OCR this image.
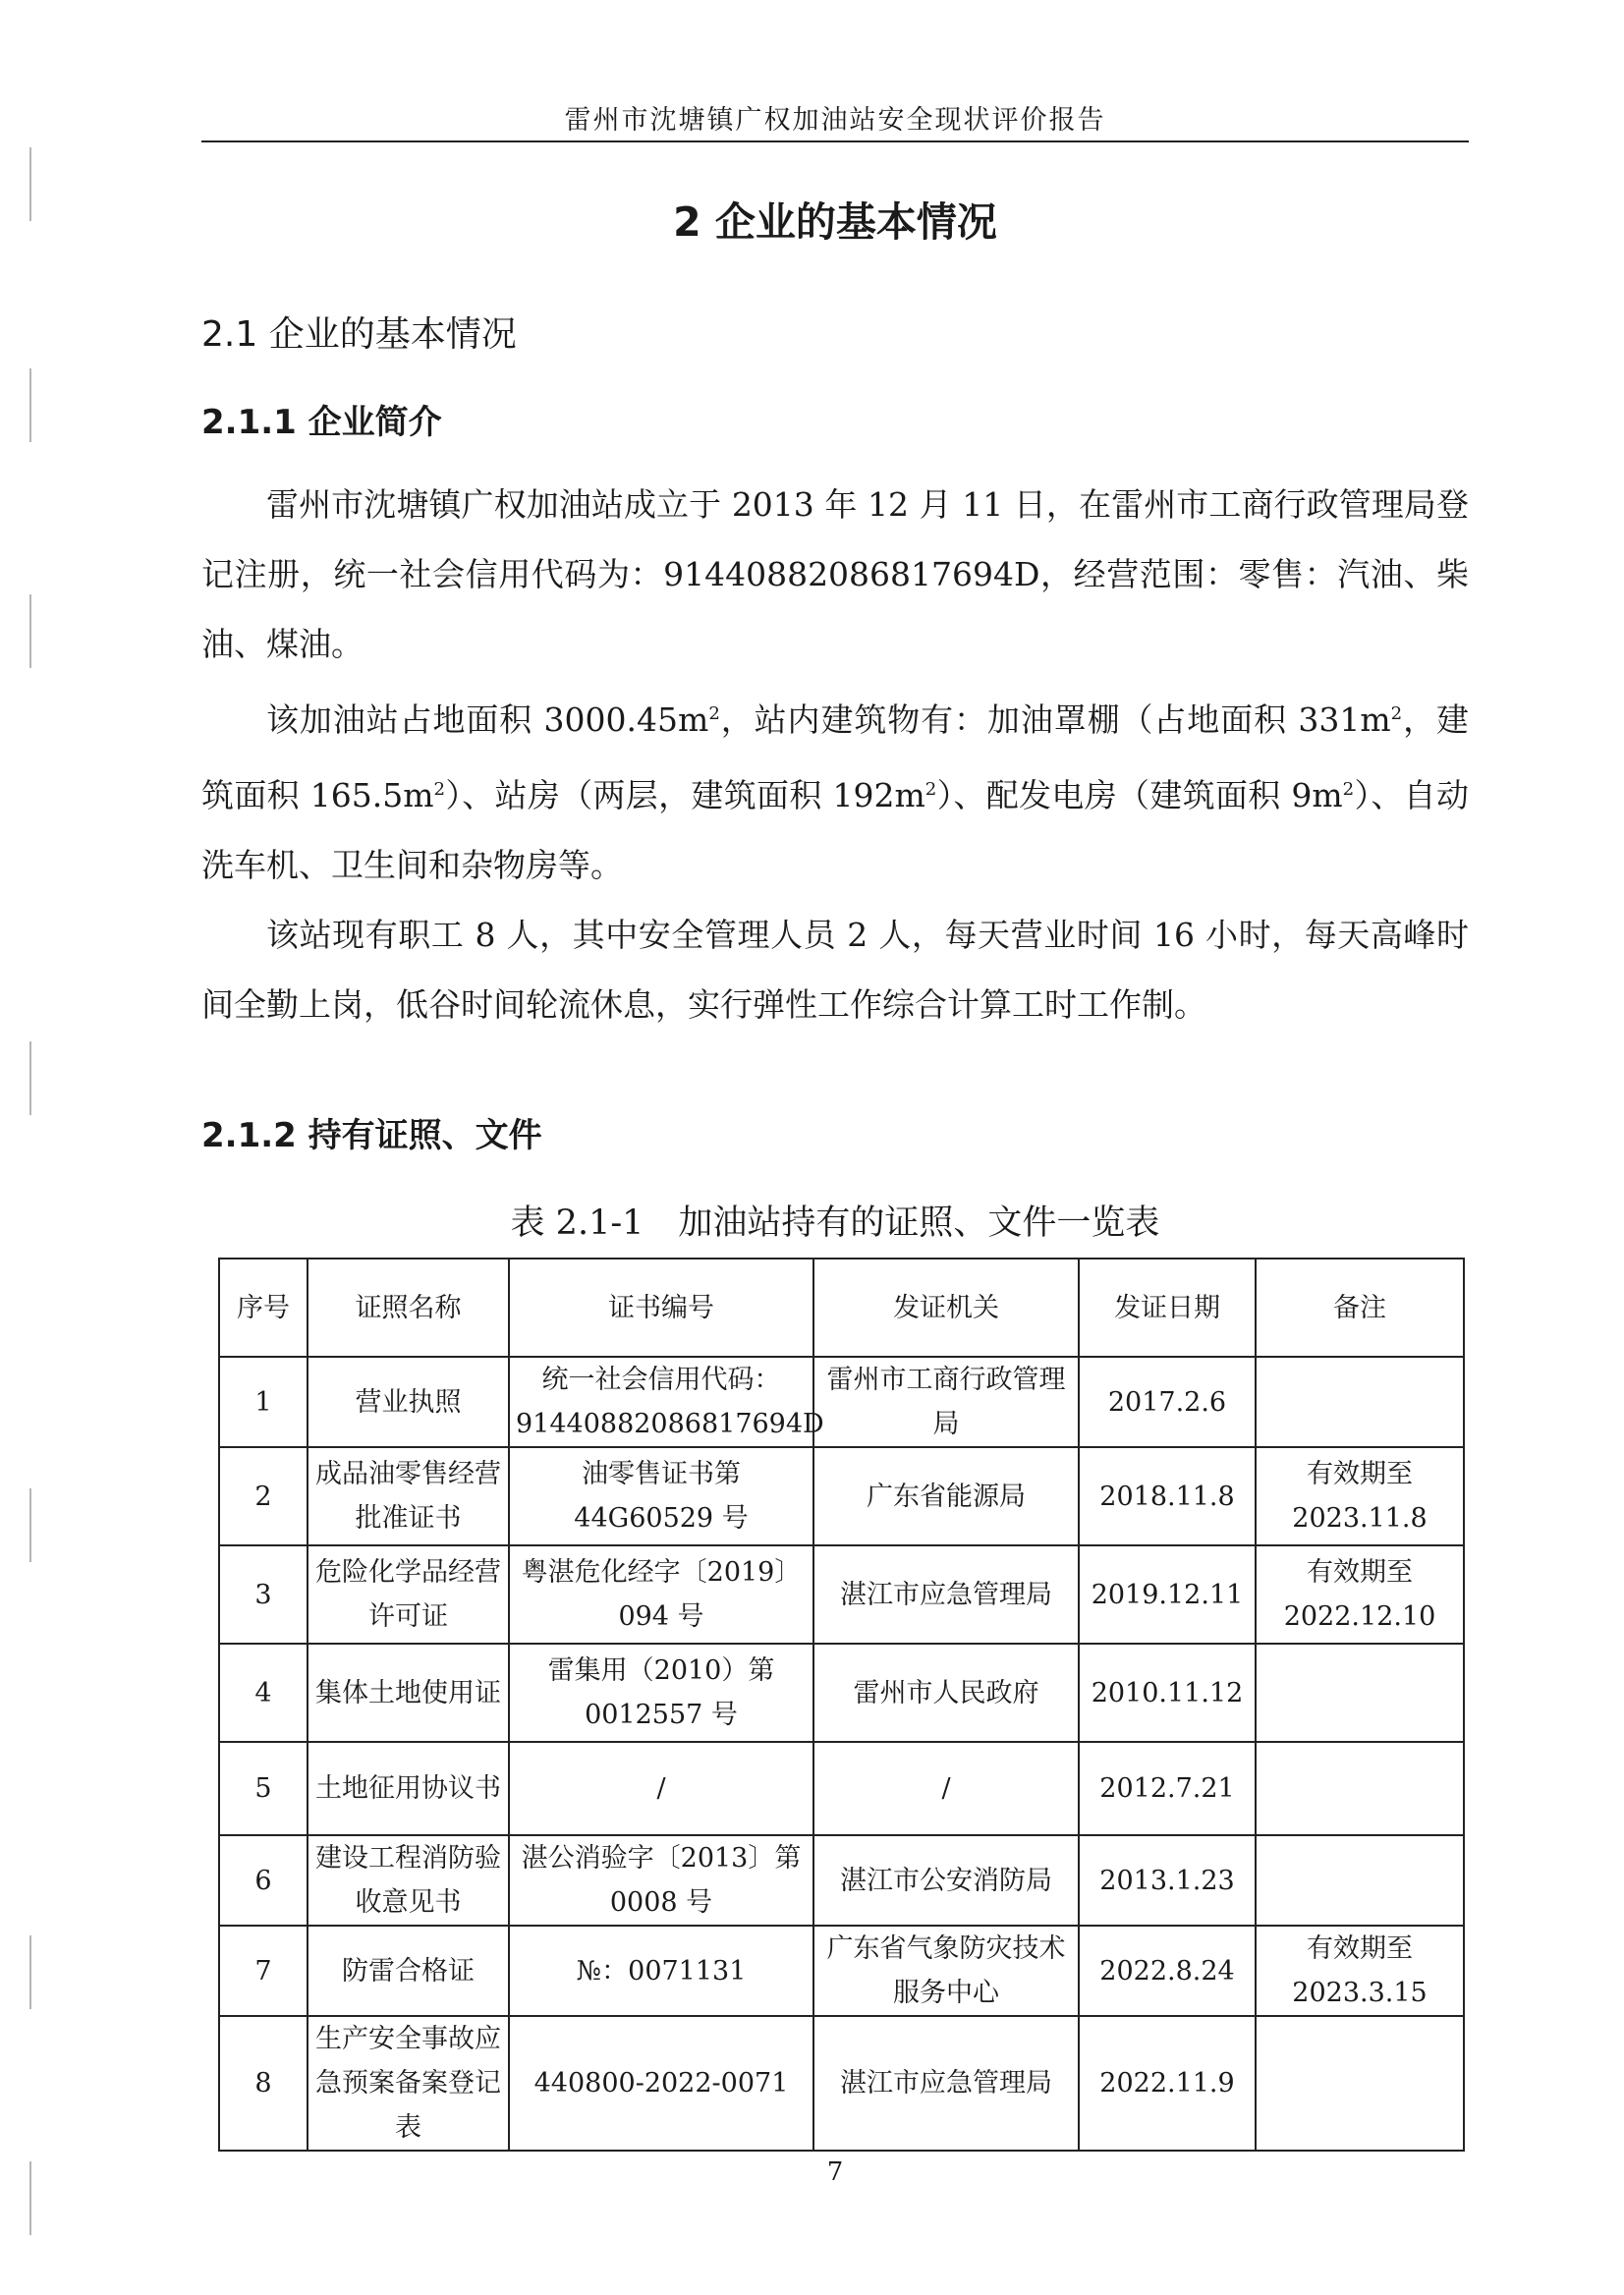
雷州市沈塘镇广权加油站安全现状评价报告
2 企业的基本情况
2.1 企业的基本情况
2.1.1 企业简介

雷州市沈塘镇广权加油站成立于 2013 年 12 月 11 日，在雷州市工商行政管理局登记注册，统一社会信用代码为：91440882086817694D，经营范围：零售：汽油、柴油、煤油。

该加油站占地面积 $3000.45m^2$，站内建筑物有：加油罩棚（占地面积 $331m^2$，建筑面积 $165.5m^2$）、站房（两层，建筑面积 $192m^2$）、配发电房（建筑面积 $9m^2$）、自动洗车机、卫生间和杂物房等。

该站现有职工 8 人，其中安全管理人员 2 人，每天营业时间 16 小时，每天高峰时间全勤上岗，低谷时间轮流休息，实行弹性工作综合计算工时工作制。

2.1.2 持有证照、文件
表 2.1-1　加油站持有的证照、文件一览表
序号	证照名称	证书编号	发证机关	发证日期	备注
1	营业执照	统一社会信用代码：91440882086817694D	雷州市工商行政管理局	2017.2.6	
2	成品油零售经营批准证书	油零售证书第 44G60529 号	广东省能源局	2018.11.8	有效期至 2023.11.8
3	危险化学品经营许可证	粤湛危化经字〔2019〕094 号	湛江市应急管理局	2019.12.11	有效期至 2022.12.10
4	集体土地使用证	雷集用（2010）第 0012557 号	雷州市人民政府	2010.11.12	
5	土地征用协议书	/	/	2012.7.21	
6	建设工程消防验收意见书	湛公消验字〔2013〕第 0008 号	湛江市公安消防局	2013.1.23	
7	防雷合格证	№：0071131	广东省气象防灾技术服务中心	2022.8.24	有效期至 2023.3.15
8	生产安全事故应急预案备案登记表	440800-2022-0071	湛江市应急管理局	2022.11.9	
7
